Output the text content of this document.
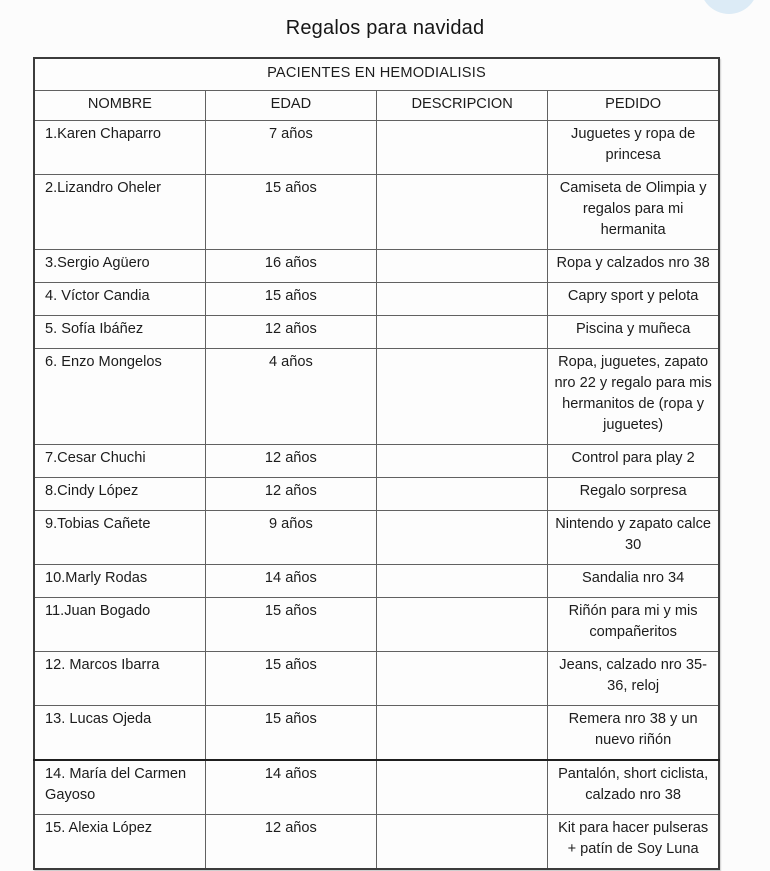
Regalos para navidad
PACIENTES EN HEMODIALISIS			
NOMBRE	EDAD	DESCRIPCION	PEDIDO
1.Karen Chaparro	7 años		Juguetes y ropa de princesa
2.Lizandro Oheler	15 años		Camiseta de Olimpia y regalos para mi hermanita
3.Sergio Agüero	16 años		Ropa y calzados nro 38
4. Víctor Candia	15 años		Capry sport y pelota
5. Sofía Ibáñez	12 años		Piscina y muñeca
6. Enzo Mongelos	4 años		Ropa, juguetes, zapato nro 22 y regalo para mis hermanitos de (ropa y juguetes)
7.Cesar Chuchi	12 años		Control para play 2
8.Cindy López	12 años		Regalo sorpresa
9.Tobias Cañete	9 años		Nintendo y zapato calce 30
10.Marly Rodas	14 años		Sandalia nro 34
11.Juan Bogado	15 años		Riñón para mi y mis compañeritos
12. Marcos Ibarra	15 años		Jeans, calzado nro 35-36, reloj
13. Lucas Ojeda	15 años		Remera nro 38 y un nuevo riñón
14. María del Carmen Gayoso	14 años		Pantalón, short ciclista, calzado nro 38
15. Alexia López	12 años		Kit para hacer pulseras + patín de Soy Luna
